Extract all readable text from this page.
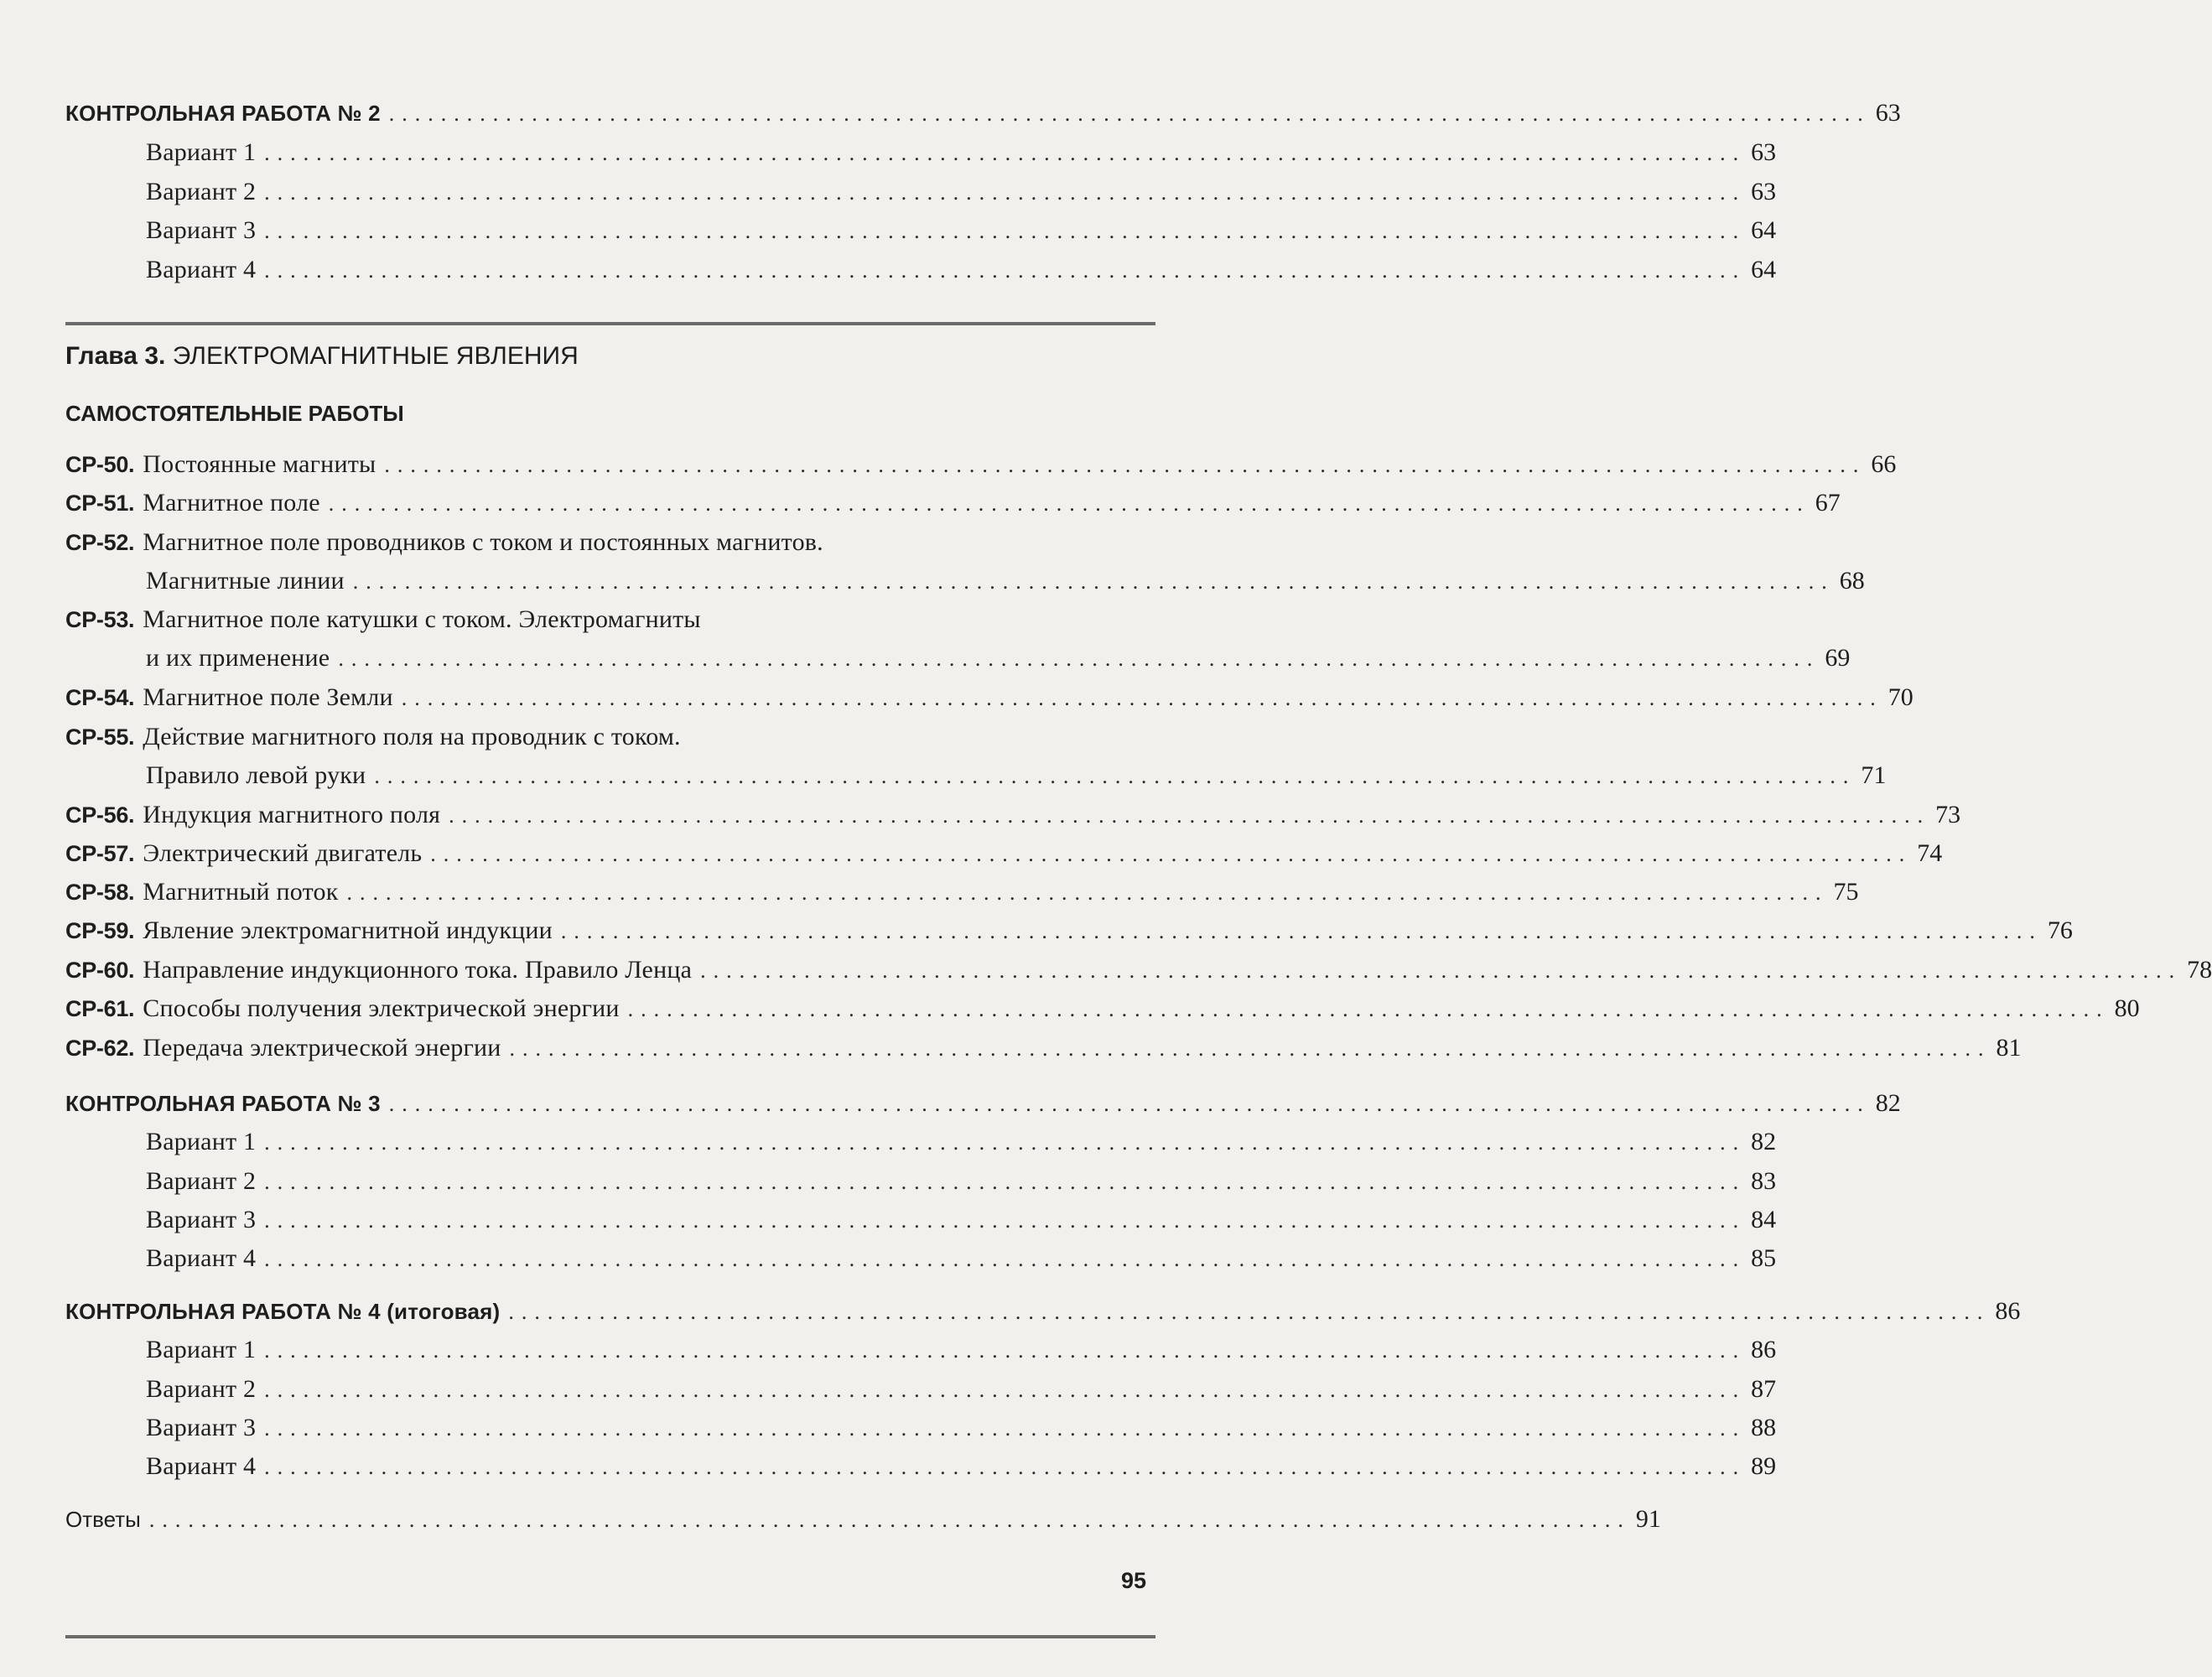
КОНТРОЛЬНАЯ РАБОТА № 2 .................................................................................................................. 63
Вариант 1 .................................................................................................................. 63
Вариант 2 .................................................................................................................. 63
Вариант 3 .................................................................................................................. 64
Вариант 4 .................................................................................................................. 64
Глава 3. ЭЛЕКТРОМАГНИТНЫЕ ЯВЛЕНИЯ
САМОСТОЯТЕЛЬНЫЕ РАБОТЫ
СР-50. Постоянные магниты .................................................................................................................. 66
СР-51. Магнитное поле .................................................................................................................. 67
СР-52. Магнитное поле проводников с током и постоянных магнитов.
Магнитные линии .................................................................................................................. 68
СР-53. Магнитное поле катушки с током. Электромагниты
и их применение .................................................................................................................. 69
СР-54. Магнитное поле Земли .................................................................................................................. 70
СР-55. Действие магнитного поля на проводник с током.
Правило левой руки .................................................................................................................. 71
СР-56. Индукция магнитного поля .................................................................................................................. 73
СР-57. Электрический двигатель .................................................................................................................. 74
СР-58. Магнитный поток .................................................................................................................. 75
СР-59. Явление электромагнитной индукции .................................................................................................................. 76
СР-60. Направление индукционного тока. Правило Ленца .................................................................................................................. 78
СР-61. Способы получения электрической энергии .................................................................................................................. 80
СР-62. Передача электрической энергии .................................................................................................................. 81
КОНТРОЛЬНАЯ РАБОТА № 3 .................................................................................................................. 82
Вариант 1 .................................................................................................................. 82
Вариант 2 .................................................................................................................. 83
Вариант 3 .................................................................................................................. 84
Вариант 4 .................................................................................................................. 85
КОНТРОЛЬНАЯ РАБОТА № 4 (итоговая) .................................................................................................................. 86
Вариант 1 .................................................................................................................. 86
Вариант 2 .................................................................................................................. 87
Вариант 3 .................................................................................................................. 88
Вариант 4 .................................................................................................................. 89
Ответы .................................................................................................................. 91
95
